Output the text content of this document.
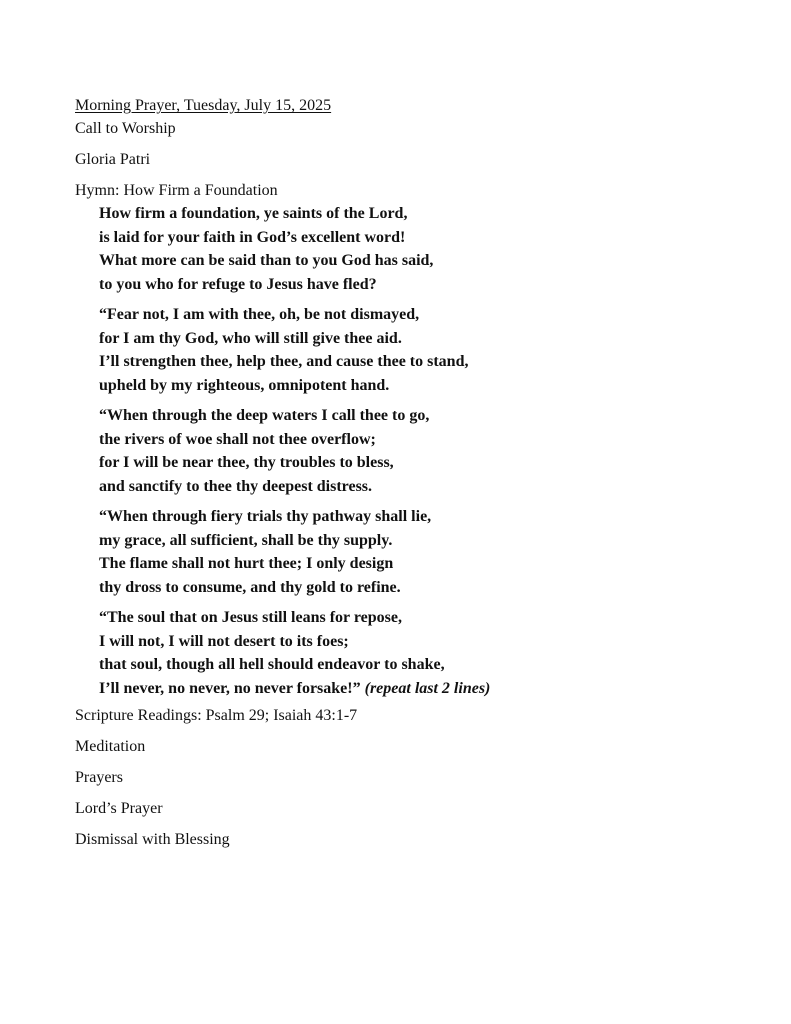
Morning Prayer, Tuesday, July 15, 2025

Call to Worship

Gloria Patri

Hymn: How Firm a Foundation

How firm a foundation, ye saints of the Lord,

is laid for your faith in God’s excellent word!

What more can be said than to you God has said,

to you who for refuge to Jesus have fled?

“Fear not, I am with thee, oh, be not dismayed,

for I am thy God, who will still give thee aid.

I’ll strengthen thee, help thee, and cause thee to stand,

upheld by my righteous, omnipotent hand.

“When through the deep waters I call thee to go,

the rivers of woe shall not thee overflow;

for I will be near thee, thy troubles to bless,

and sanctify to thee thy deepest distress.

“When through fiery trials thy pathway shall lie,

my grace, all sufficient, shall be thy supply.

The flame shall not hurt thee; I only design

thy dross to consume, and thy gold to refine.

“The soul that on Jesus still leans for repose,

I will not, I will not desert to its foes;

that soul, though all hell should endeavor to shake,

I’ll never, no never, no never forsake!” (repeat last 2 lines)

Scripture Readings: Psalm 29; Isaiah 43:1-7

Meditation

Prayers

Lord’s Prayer

Dismissal with Blessing
